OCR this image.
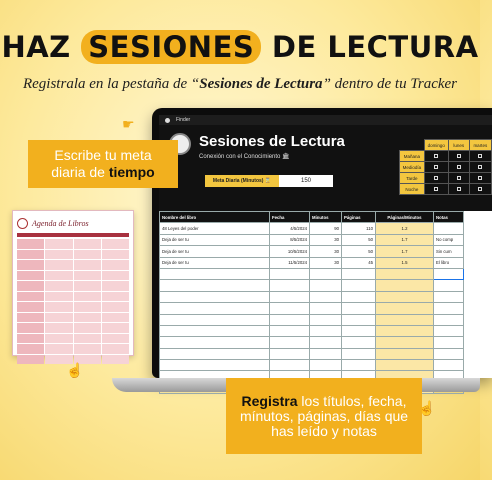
HAZ SESIONES DE LECTURA
Registrala en la pestaña de “Sesiones de Lectura” dentro de tu Tracker
Agenda de Libros
Finder
Sesiones de Lectura
Conexión con el Conocimiento 🏛
Meta Diaria (Minutos) ⌛	150
	domingo	lunes	martes
Mañana			
Mediodía			
Tarde			
Noche			
Nombre del libro	Fecha	Minutos	Páginas	Páginas/Minutos	Notas
48 Leyes del poder	4/5/2024	90	110	1.2	
Deja de ser tu	8/5/2024	30	50	1.7	No comp
Deja de ser tu	10/5/2024	30	50	1.7	Sin cum
Deja de ser tu	11/5/2024	30	45	1.5	El libro

Escribe tu meta
diaria de tiempo
Registra los títulos, fecha, mínutos, páginas, días que has leído y notas
☛
☝
☝
